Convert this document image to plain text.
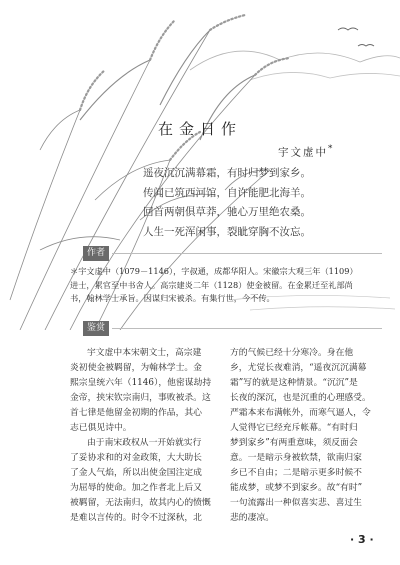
在金日作
宇文虚中*
遥夜沉沉满幕霜，有时归梦到家乡。
传闻已筑西河馆，自许能肥北海羊。
回首两朝俱草莽，驰心万里绝农桑。
人生一死浑闲事，裂眦穿胸不汝忘。
作者
＊宇文虚中（1079－1146），字叔通，成都华阳人。宋徽宗大观三年（1109）
进士，累官至中书舍人。高宗建炎二年（1128）使金被留。在金累迁至礼部尚
书，翰林学士承旨。因谋归宋被杀。有集行世，今不传。
鉴赏
宇文虚中本宋朝文士，高宗建
炎初使金被羁留，为翰林学士。金
熙宗皇统六年（1146），他密谋劫持
金帝，挟宋钦宗南归，事败被杀。这
首七律是他留金初期的作品，其心
志已俱见诗中。
由于南宋政权从一开始就实行
了妥协求和的对金政策，大大助长
了金人气焰，所以出使金国注定成
为屈辱的使命。加之作者北上后又
被羁留，无法南归，故其内心的愤慨
是难以言传的。时令不过深秋，北
方的气候已经十分寒冷。身在他
乡，尤觉长夜难消，“遥夜沉沉满幕
霜”写的就是这种情景。“沉沉”是
长夜的深沉，也是沉重的心理感受。
严霜本来布满帐外，而寒气逼人，令
人觉得它已经充斥帐幕。“有时归
梦到家乡”有两重意味，须反面会
意。一是暗示身被软禁，欲南归家
乡已不自由；二是暗示更多时候不
能成梦，或梦不到家乡。故“有时”
一句流露出一种似喜实悲、喜过生
悲的凄凉。
· 3 ·
